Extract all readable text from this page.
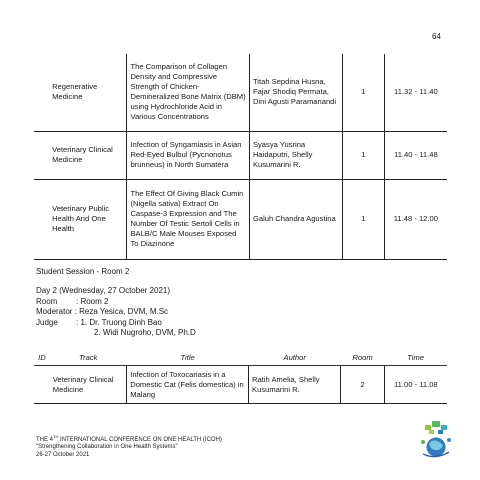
64
	Regenerative Medicine	The Comparison of Collagen Density and Compressive Strength of Chicken-Demineralized Bone Matrix (DBM) using Hydrochloride Acid in Various Concentrations	Titah Sepdina Husna, Fajar Shodiq Permata, Dini Agusti Paramanandi	1	11.32 - 11.40
	Veterinary Clinical Medicine	Infection of Syngamiasis in Asian Red-Eyed Bulbul (Pycnonotus brunneus) in North Sumatera	Syasya Yusrina Haidaputri, Shelly Kusumarini R.	1	11.40 - 11.48
	Veterinary Public Health And One Health	The Effect Of Giving Black Cumin (Nigella sativa) Extract On Caspase-3 Expression and The Number Of Testic Sertoli Cells in BALB/C Male Mouses Exposed To Diazinone	Galuh Chandra Agustina	1	11.48 - 12.00
Student Session - Room 2
Day 2 (Wednesday, 27 October 2021)
Room : Room 2
Moderator : Reza Yesica, DVM, M.Sc
Judge : 1. Dr. Truong Dinh Bao
2. Widi Nugroho, DVM, Ph.D
ID	Track	Title	Author	Room	Time
	Veterinary Clinical Medicine	Infection of Toxocariasis in a Domestic Cat (Felis domestica) in Malang	Ratih Amelia, Shelly Kusumarini R.	2	11.00 - 11.08
THE 4TH INTERNATIONAL CONFERENCE ON ONE HEALTH (ICOH)
"Strengthening Collaboration in One Health Systems"
26-27 October 2021
